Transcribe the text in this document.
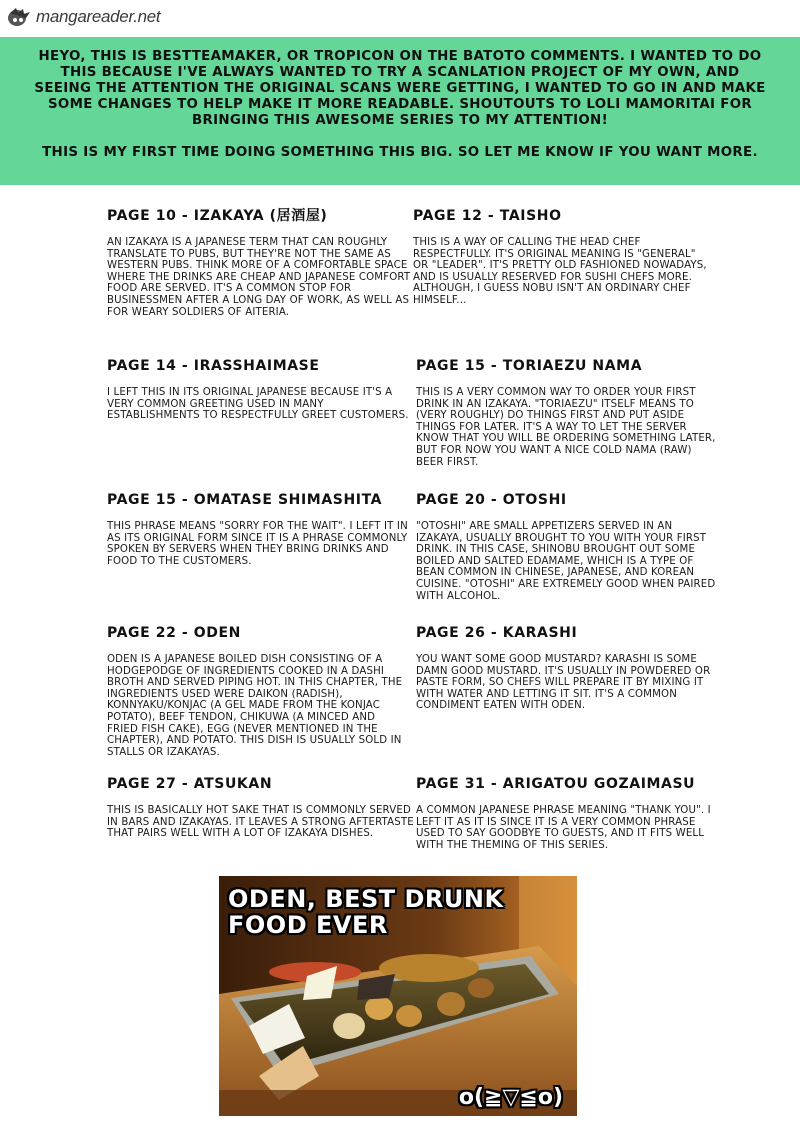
mangareader.net

HEYO, THIS IS BESTTEAMAKER, OR TROPICON ON THE BATOTO COMMENTS. I WANTED TO DO THIS BECAUSE I'VE ALWAYS WANTED TO TRY A SCANLATION PROJECT OF MY OWN, AND SEEING THE ATTENTION THE ORIGINAL SCANS WERE GETTING, I WANTED TO GO IN AND MAKE SOME CHANGES TO HELP MAKE IT MORE READABLE. SHOUTOUTS TO LOLI MAMORITAI FOR BRINGING THIS AWESOME SERIES TO MY ATTENTION!

THIS IS MY FIRST TIME DOING SOMETHING THIS BIG. SO LET ME KNOW IF YOU WANT MORE.

PAGE 10 - IZAKAYA (居酒屋)

AN IZAKAYA IS A JAPANESE TERM THAT CAN ROUGHLY TRANSLATE TO PUBS, BUT THEY'RE NOT THE SAME AS WESTERN PUBS. THINK MORE OF A COMFORTABLE SPACE WHERE THE DRINKS ARE CHEAP AND JAPANESE COMFORT FOOD ARE SERVED. IT'S A COMMON STOP FOR BUSINESSMEN AFTER A LONG DAY OF WORK, AS WELL AS FOR WEARY SOLDIERS OF AITERIA.

PAGE 12 - TAISHO

THIS IS A WAY OF CALLING THE HEAD CHEF RESPECTFULLY. IT'S ORIGINAL MEANING IS "GENERAL" OR "LEADER". IT'S PRETTY OLD FASHIONED NOWADAYS, AND IS USUALLY RESERVED FOR SUSHI CHEFS MORE. ALTHOUGH, I GUESS NOBU ISN'T AN ORDINARY CHEF HIMSELF...

PAGE 14 - IRASSHAIMASE

I LEFT THIS IN ITS ORIGINAL JAPANESE BECAUSE IT'S A VERY COMMON GREETING USED IN MANY ESTABLISHMENTS TO RESPECTFULLY GREET CUSTOMERS.

PAGE 15 - TORIAEZU NAMA

THIS IS A VERY COMMON WAY TO ORDER YOUR FIRST DRINK IN AN IZAKAYA. "TORIAEZU" ITSELF MEANS TO (VERY ROUGHLY) DO THINGS FIRST AND PUT ASIDE THINGS FOR LATER. IT'S A WAY TO LET THE SERVER KNOW THAT YOU WILL BE ORDERING SOMETHING LATER, BUT FOR NOW YOU WANT A NICE COLD NAMA (RAW) BEER FIRST.

PAGE 15 - OMATASE SHIMASHITA

THIS PHRASE MEANS "SORRY FOR THE WAIT". I LEFT IT IN AS ITS ORIGINAL FORM SINCE IT IS A PHRASE COMMONLY SPOKEN BY SERVERS WHEN THEY BRING DRINKS AND FOOD TO THE CUSTOMERS.

PAGE 20 - OTOSHI

"OTOSHI" ARE SMALL APPETIZERS SERVED IN AN IZAKAYA, USUALLY BROUGHT TO YOU WITH YOUR FIRST DRINK. IN THIS CASE, SHINOBU BROUGHT OUT SOME BOILED AND SALTED EDAMAME, WHICH IS A TYPE OF BEAN COMMON IN CHINESE, JAPANESE, AND KOREAN CUISINE. "OTOSHI" ARE EXTREMELY GOOD WHEN PAIRED WITH ALCOHOL.

PAGE 22 - ODEN

ODEN IS A JAPANESE BOILED DISH CONSISTING OF A HODGEPODGE OF INGREDIENTS COOKED IN A DASHI BROTH AND SERVED PIPING HOT. IN THIS CHAPTER, THE INGREDIENTS USED WERE DAIKON (RADISH), KONNYAKU/KONJAC (A GEL MADE FROM THE KONJAC POTATO), BEEF TENDON, CHIKUWA (A MINCED AND FRIED FISH CAKE), EGG (NEVER MENTIONED IN THE CHAPTER), AND POTATO. THIS DISH IS USUALLY SOLD IN STALLS OR IZAKAYAS.

PAGE 26 - KARASHI

YOU WANT SOME GOOD MUSTARD? KARASHI IS SOME DAMN GOOD MUSTARD. IT'S USUALLY IN POWDERED OR PASTE FORM, SO CHEFS WILL PREPARE IT BY MIXING IT WITH WATER AND LETTING IT SIT. IT'S A COMMON CONDIMENT EATEN WITH ODEN.

PAGE 27 - ATSUKAN

THIS IS BASICALLY HOT SAKE THAT IS COMMONLY SERVED IN BARS AND IZAKAYAS. IT LEAVES A STRONG AFTERTASTE THAT PAIRS WELL WITH A LOT OF IZAKAYA DISHES.

PAGE 31 - ARIGATOU GOZAIMASU

A COMMON JAPANESE PHRASE MEANING "THANK YOU". I LEFT IT AS IT IS SINCE IT IS A VERY COMMON PHRASE USED TO SAY GOODBYE TO GUESTS, AND IT FITS WELL WITH THE THEMING OF THIS SERIES.

ODEN, BEST DRUNK FOOD EVER
o(≧▽≦o)
